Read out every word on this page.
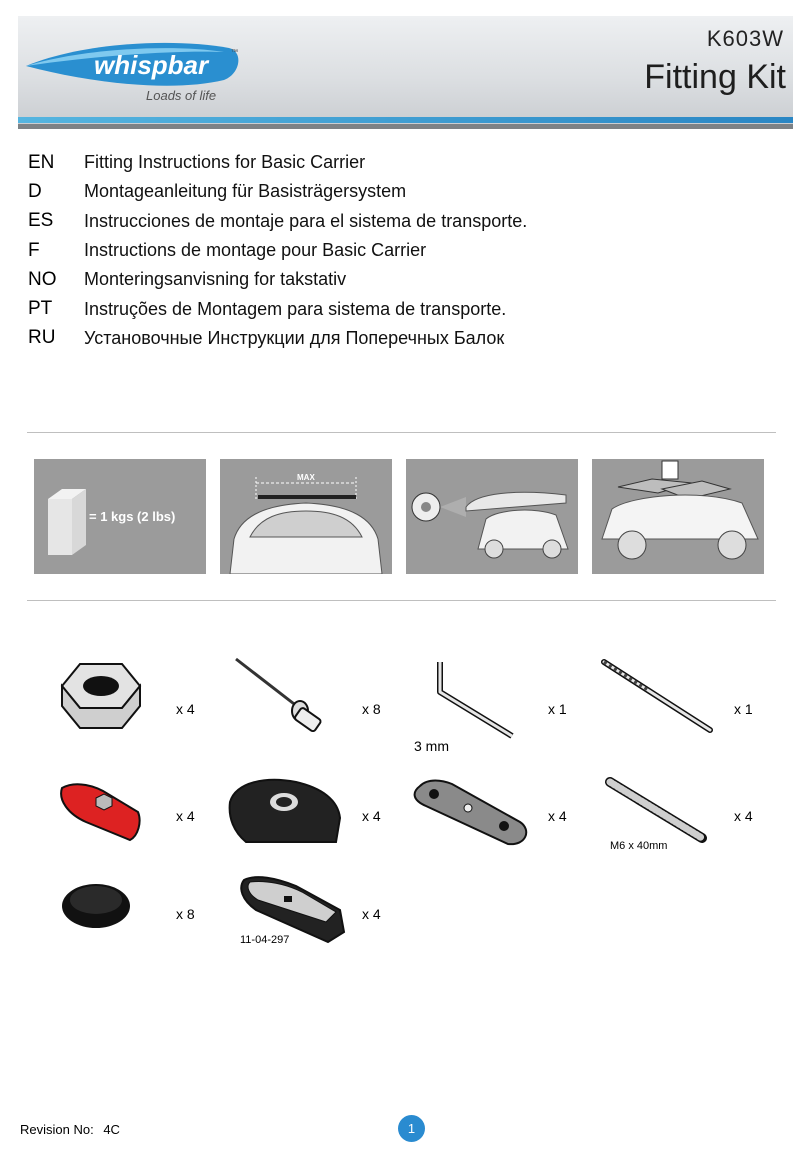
whispbar	™
Loads of life
K603W
Fitting Kit
EN	Fitting Instructions for Basic Carrier
D	Montageanleitung für Basisträgersystem
ES	Instrucciones de montaje para el sistema de transporte.
F	Instructions de montage pour Basic Carrier
NO	Monteringsanvisning for takstativ
PT	Instruções de Montagem para sistema de transporte.
RU	Установочные Инструкции для Поперечных Балок
= 1 kgs (2 lbs)
MAX
x 4	x 8	x 1
3 mm
x 1
x 4	x 4	x 4	x 4
M6 x 40mm
x 8	x 4
11-04-297
Revision No: 4C	1
